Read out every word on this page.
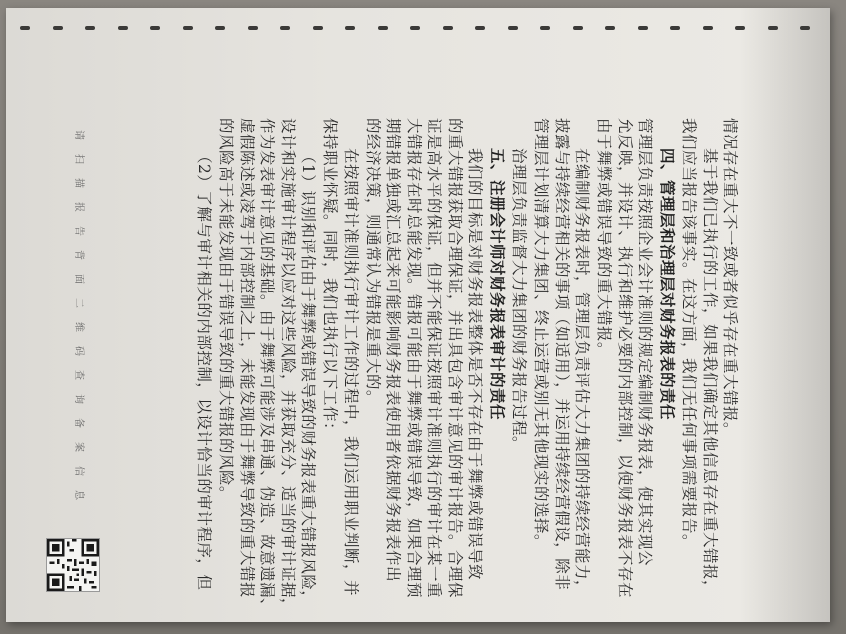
情况存在重大不一致或者似乎存在重大错报。
基于我们已执行的工作，如果我们确定其他信息存在重大错报，
我们应当报告该事实。在这方面，我们无任何事项需要报告。
四、管理层和治理层对财务报表的责任
管理层负责按照企业会计准则的规定编制财务报表，使其实现公
允反映，并设计、执行和维护必要的内部控制，以使财务报表不存在
由于舞弊或错误导致的重大错报。
在编制财务报表时，管理层负责评估大力集团的持续经营能力，
披露与持续经营相关的事项（如适用），并运用持续经营假设，除非
管理层计划清算大力集团、终止运营或别无其他现实的选择。
治理层负责监督大力集团的财务报告过程。
五、注册会计师对财务报表审计的责任
我们的目标是对财务报表整体是否不存在由于舞弊或错误导致
的重大错报获取合理保证，并出具包含审计意见的审计报告。合理保
证是高水平的保证，但并不能保证按照审计准则执行的审计在某一重
大错报存在时总能发现。错报可能由于舞弊或错误导致，如果合理预
期错报单独或汇总起来可能影响财务报表使用者依据财务报表作出
的经济决策，则通常认为错报是重大的。
在按照审计准则执行审计工作的过程中，我们运用职业判断，并
保持职业怀疑。同时，我们也执行以下工作：
（1）识别和评估由于舞弊或错误导致的财务报表重大错报风险，
设计和实施审计程序以应对这些风险，并获取充分、适当的审计证据，
作为发表审计意见的基础。由于舞弊可能涉及串通、伪造、故意遗漏、
虚假陈述或凌驾于内部控制之上，未能发现由于舞弊导致的重大错报
的风险高于未能发现由于错误导致的重大错报的风险。
（2）了解与审计相关的内部控制，以设计恰当的审计程序，但
请扫描报告背面二维码查询备案信息
